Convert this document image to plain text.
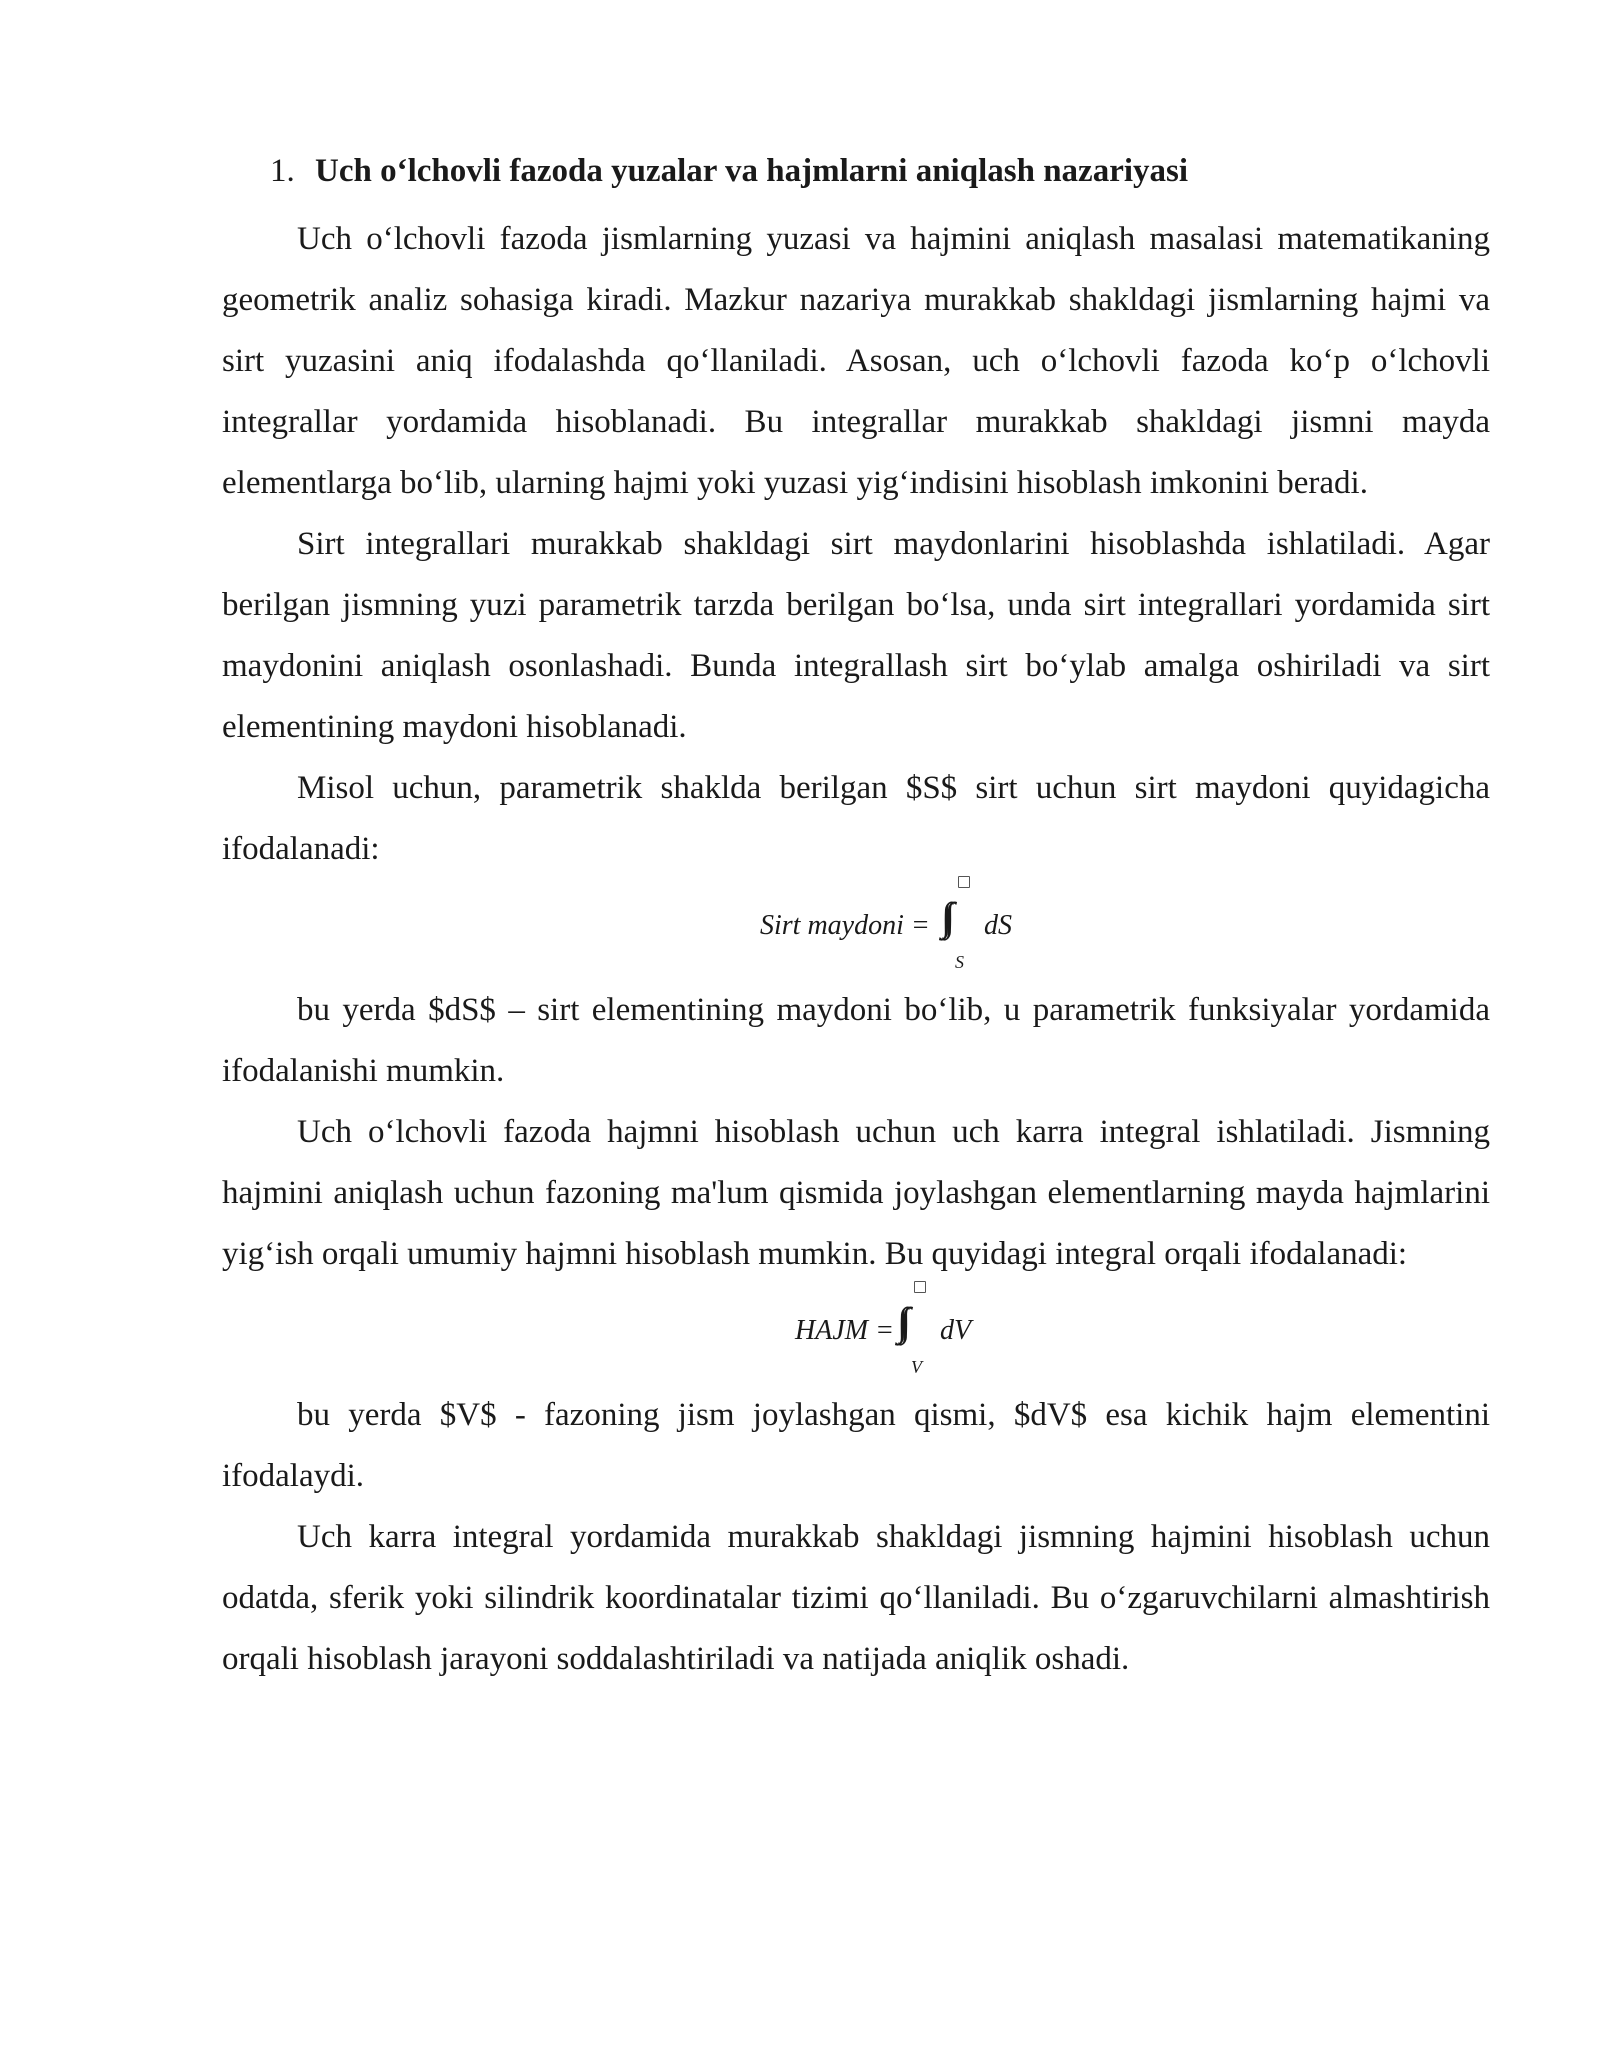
1. Uch o‘lchovli fazoda yuzalar va hajmlarni aniqlash nazariyasi

Uch o‘lchovli fazoda jismlarning yuzasi va hajmini aniqlash masalasi matematikaning geometrik analiz sohasiga kiradi. Mazkur nazariya murakkab shakldagi jismlarning hajmi va sirt yuzasini aniq ifodalashda qo‘llaniladi. Asosan, uch o‘lchovli fazoda ko‘p o‘lchovli integrallar yordamida hisoblanadi. Bu integrallar murakkab shakldagi jismni mayda elementlarga bo‘lib, ularning hajmi yoki yuzasi yig‘indisini hisoblash imkonini beradi.

Sirt integrallari murakkab shakldagi sirt maydonlarini hisoblashda ishlatiladi. Agar berilgan jismning yuzi parametrik tarzda berilgan bo‘lsa, unda sirt integrallari yordamida sirt maydonini aniqlash osonlashadi. Bunda integrallash sirt bo‘ylab amalga oshiriladi va sirt elementining maydoni hisoblanadi.

Misol uchun, parametrik shaklda berilgan $S$ sirt uchun sirt maydoni quyidagicha ifodalanadi:

Sirt maydoni =
S
dS

bu yerda $dS$ – sirt elementining maydoni bo‘lib, u parametrik funksiyalar yordamida ifodalanishi mumkin.

Uch o‘lchovli fazoda hajmni hisoblash uchun uch karra integral ishlatiladi. Jismning hajmini aniqlash uchun fazoning ma'lum qismida joylashgan elementlarning mayda hajmlarini yig‘ish orqali umumiy hajmni hisoblash mumkin. Bu quyidagi integral orqali ifodalanadi:

HAJM =
V
dV

bu yerda $V$ - fazoning jism joylashgan qismi, $dV$ esa kichik hajm elementini ifodalaydi.

Uch karra integral yordamida murakkab shakldagi jismning hajmini hisoblash uchun odatda, sferik yoki silindrik koordinatalar tizimi qo‘llaniladi. Bu o‘zgaruvchilarni almashtirish orqali hisoblash jarayoni soddalashtiriladi va natijada aniqlik oshadi.
